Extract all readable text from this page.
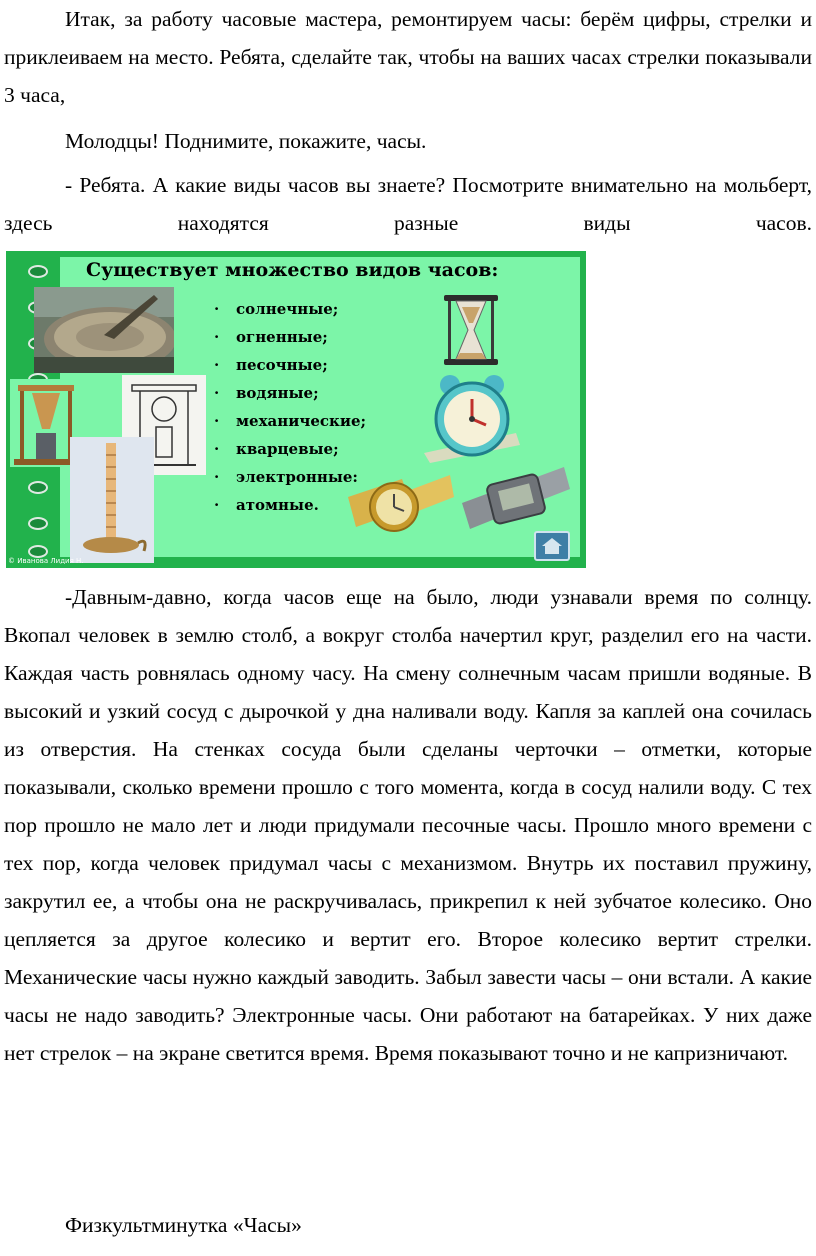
Итак, за работу часовые мастера, ремонтируем часы: берём цифры, стрелки и приклеиваем на место. Ребята, сделайте так, чтобы на ваших часах стрелки показывали 3 часа,

Молодцы! Поднимите, покажите, часы.

- Ребята. А какие виды часов вы знаете? Посмотрите внимательно на мольберт, здесь находятся разные виды часов.

-Давным-давно, когда часов еще на было, люди узнавали время по солнцу. Вкопал человек в землю столб, а вокруг столба начертил круг, разделил его на части. Каждая часть ровнялась одному часу. На смену солнечным часам пришли водяные. В высокий и узкий сосуд с дырочкой у дна наливали воду. Капля за каплей она сочилась из отверстия. На стенках сосуда были сделаны черточки – отметки, которые показывали, сколько времени прошло с того момента, когда в сосуд налили воду. С тех пор прошло не мало лет и люди придумали песочные часы. Прошло много времени с тех пор, когда человек придумал часы с механизмом. Внутрь их поставил пружину, закрутил ее, а чтобы она не раскручивалась, прикрепил к ней зубчатое колесико. Оно цепляется за другое колесико и вертит его. Второе колесико вертит стрелки. Механические часы нужно каждый заводить. Забыл завести часы – они встали. А какие часы не надо заводить? Электронные часы. Они работают на батарейках. У них даже нет стрелок – на экране светится время. Время показывают точно и не капризничают.

Физкультминутка «Часы»

Существует множество видов часов:
· солнечные;
· огненные;
· песочные;
· водяные;
· механические;
· кварцевые;
· электронные:
· атомные.
© Иванова Лидия Н.
